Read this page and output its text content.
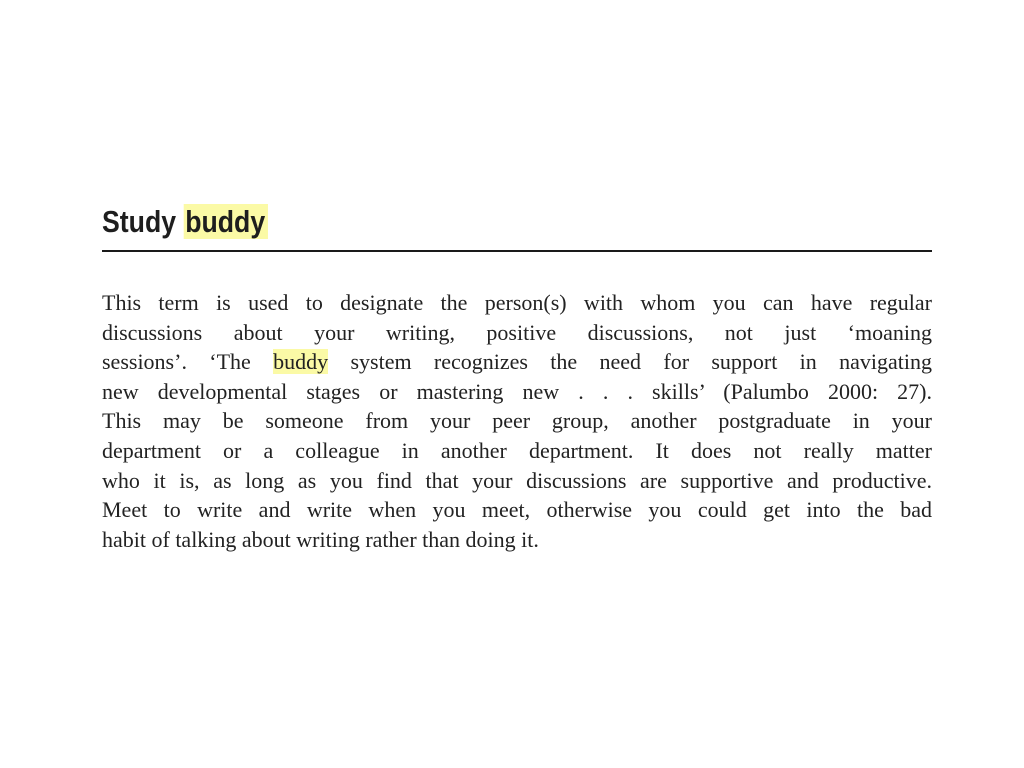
Study buddy
This term is used to designate the person(s) with whom you can have regular
discussions about your writing, positive discussions, not just ‘moaning
sessions’. ‘The buddy system recognizes the need for support in navigating
new developmental stages or mastering new . . . skills’ (Palumbo 2000: 27).
This may be someone from your peer group, another postgraduate in your
department or a colleague in another department. It does not really matter
who it is, as long as you find that your discussions are supportive and productive.
Meet to write and write when you meet, otherwise you could get into the bad
habit of talking about writing rather than doing it.
